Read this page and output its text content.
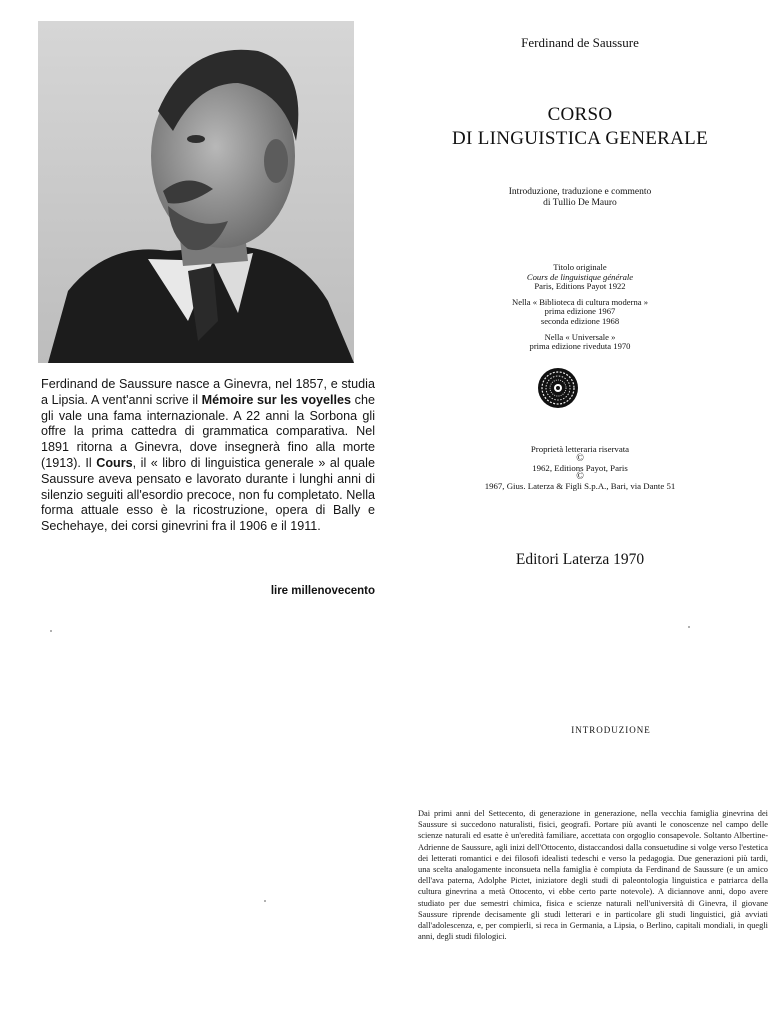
Ferdinand de Saussure nasce a Ginevra, nel 1857, e studia a Lipsia. A vent'anni scrive il Mémoire sur les voyelles che gli vale una fama internazionale. A 22 anni la Sorbona gli offre la prima cattedra di grammatica comparativa. Nel 1891 ritorna a Ginevra, dove insegnerà fino alla morte (1913). Il Cours, il « libro di linguistica generale » al quale Saussure aveva pensato e lavorato durante i lunghi anni di silenzio seguiti all'esordio precoce, non fu completato. Nella forma attuale esso è la ricostruzione, opera di Bally e Sechehaye, dei corsi ginevrini fra il 1906 e il 1911.
lire millenovecento
Ferdinand de Saussure
CORSO
DI LINGUISTICA GENERALE
Introduzione, traduzione e commento
di Tullio De Mauro
Titolo originale
Cours de linguistique générale
Paris, Editions Payot 1922
Nella « Biblioteca di cultura moderna »
prima edizione 1967
seconda edizione 1968
Nella « Universale »
prima edizione riveduta 1970
Proprietà letteraria riservata
©
1962, Editions Payot, Paris
©
1967, Gius. Laterza & Figli S.p.A., Bari, via Dante 51
Editori Laterza 1970
INTRODUZIONE
Dai primi anni del Settecento, di generazione in generazione, nella vecchia famiglia ginevrina dei Saussure si succedono naturalisti, fisici, geografi. Portare più avanti le conoscenze nel campo delle scienze naturali ed esatte è un'eredità familiare, accettata con orgoglio consapevole. Soltanto Albertine-Adrienne de Saussure, agli inizi dell'Ottocento, distaccandosi dalla consuetudine si volge verso l'estetica dei letterati romantici e dei filosofi idealisti tedeschi e verso la pedagogia. Due generazioni più tardi, una scelta analogamente inconsueta nella famiglia è compiuta da Ferdinand de Saussure (e un amico dell'ava paterna, Adolphe Pictet, iniziatore degli studi di paleontologia linguistica e patriarca della cultura ginevrina a metà Ottocento, vi ebbe certo parte notevole). A diciannove anni, dopo avere studiato per due semestri chimica, fisica e scienze naturali nell'università di Ginevra, il giovane Saussure riprende decisamente gli studi letterari e in particolare gli studi linguistici, già avviati dall'adolescenza, e, per compierli, si reca in Germania, a Lipsia, o Berlino, capitali mondiali, in quegli anni, degli studi filologici.
